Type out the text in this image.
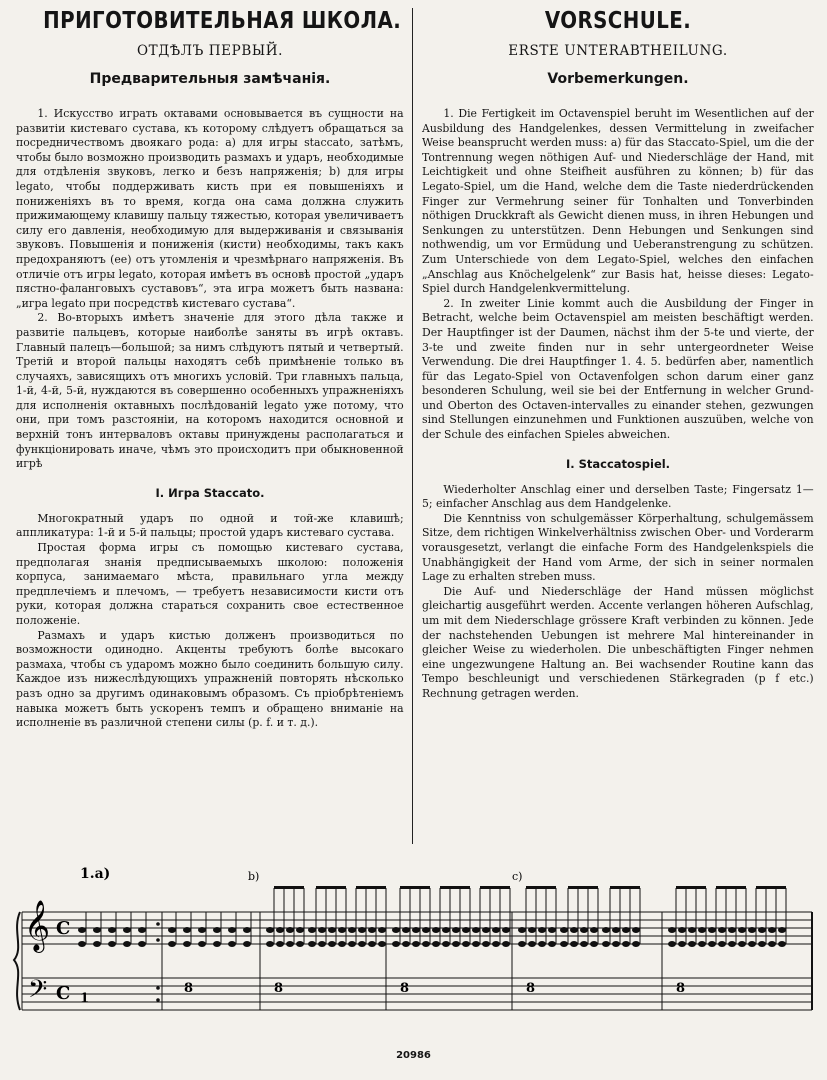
ПРИГОТОВИТЕЛЬНАЯ ШКОЛА.
ОТДѢЛЪ ПЕРВЫЙ.
Предварительныя замѣчанія.

1. Искусство играть октавами основывается въ сущности на развитіи кистеваго сустава, къ которому слѣдуетъ обращаться за посредничествомъ двоякаго рода: а) для игры staccato, затѣмъ, чтобы было возможно производить размахъ и ударъ, необходимые для отдѣленія звуковъ, легко и безъ напряженія; b) для игры legato, чтобы поддерживать кисть при ея повышеніяхъ и пониженіяхъ въ то время, когда она сама должна служить прижимающему клавишу пальцу тяжестью, которая увеличиваетъ силу его давленія, необходимую для выдерживанія и связыванія звуковъ. Повышенія и пониженія (кисти) необходимы, такъ какъ предохраняютъ (ее) отъ утомленія и чрезмѣрнаго напряженія. Въ отличіе отъ игры legato, которая имѣетъ въ основѣ простой „ударъ пястно-фаланговыхъ суставовъ“, эта игра можетъ быть названа: „игра legato при посредствѣ кистеваго сустава“.

2. Во-вторыхъ имѣетъ значеніе для этого дѣла также и развитіе пальцевъ, которые наиболѣе заняты въ игрѣ октавъ. Главный палецъ—большой; за нимъ слѣдуютъ пятый и четвертый. Третій и второй пальцы находятъ себѣ примѣненіе только въ случаяхъ, зависящихъ отъ многихъ условій. Три главныхъ пальца, 1-й, 4-й, 5-й, нуждаются въ совершенно особенныхъ упражненіяхъ для исполненія октавныхъ послѣдованій legato уже потому, что они, при томъ разстояніи, на которомъ находится основной и верхній тонъ интерваловъ октавы принуждены располагаться и функціонировать иначе, чѣмъ это происходитъ при обыкновенной игрѣ

I. Игра Staccato.

Многократный ударъ по одной и той-же клавишѣ; аппликатура: 1-й и 5-й пальцы; простой ударъ кистеваго сустава.

Простая форма игры съ помощью кистеваго сустава, предполагая знанія предписываемыхъ школою: положенія корпуса, занимаемаго мѣста, правильнаго угла между предплечіемъ и плечомъ, — требуетъ независимости кисти отъ руки, которая должна стараться сохранить свое естественное положеніе.

Размахъ и ударъ кистью долженъ производиться по возможности одинодно. Акценты требуютъ болѣе высокаго размаха, чтобы съ ударомъ можно было соединить большую силу. Каждое изъ нижеслѣдующихъ упражненій повторять нѣсколько разъ одно за другимъ одинаковымъ образомъ. Съ пріобрѣтеніемъ навыка можетъ быть ускоренъ темпъ и обращено вниманіе на исполненіе въ различной степени силы (p. f. и т. д.).

VORSCHULE.
ERSTE UNTERABTHEILUNG.
Vorbemerkungen.

1. Die Fertigkeit im Octavenspiel beruht im Wesentlichen auf der Ausbildung des Handgelenkes, dessen Vermittelung in zweifacher Weise beansprucht werden muss: a) für das Staccato-Spiel, um die der Tontrennung wegen nöthigen Auf- und Niederschläge der Hand, mit Leichtigkeit und ohne Steifheit ausführen zu können; b) für das Legato-Spiel, um die Hand, welche dem die Taste niederdrückenden Finger zur Vermehrung seiner für Tonhalten und Tonverbinden nöthigen Druckkraft als Gewicht dienen muss, in ihren Hebungen und Senkungen zu unterstützen. Denn Hebungen und Senkungen sind nothwendig, um vor Ermüdung und Ueberanstrengung zu schützen. Zum Unterschiede von dem Legato-Spiel, welches den einfachen „Anschlag aus Knöchelgelenk“ zur Basis hat, heisse dieses: Legato-Spiel durch Handgelenkvermittelung.

2. In zweiter Linie kommt auch die Ausbildung der Finger in Betracht, welche beim Octavenspiel am meisten beschäftigt werden. Der Hauptfinger ist der Daumen, nächst ihm der 5-te und vierte, der 3-te und zweite finden nur in sehr untergeordneter Weise Verwendung. Die drei Hauptfinger 1. 4. 5. bedürfen aber, namentlich für das Legato-Spiel von Octavenfolgen schon darum einer ganz besonderen Schulung, weil sie bei der Entfernung in welcher Grund- und Oberton des Octaven-intervalles zu einander stehen, gezwungen sind Stellungen einzunehmen und Funktionen auszuüben, welche von der Schule des einfachen Spieles abweichen.

I. Staccatospiel.

Wiederholter Anschlag einer und derselben Taste; Fingersatz 1—5; einfacher Anschlag aus dem Handgelenke.

Die Kenntniss von schulgemässer Körperhaltung, schulgemässem Sitze, dem richtigen Winkelverhältniss zwischen Ober- und Vorderarm vorausgesetzt, verlangt die einfache Form des Handgelenkspiels die Unabhängigkeit der Hand vom Arme, der sich in seiner normalen Lage zu erhalten streben muss.

Die Auf- und Niederschläge der Hand müssen möglichst gleichartig ausgeführt werden. Accente verlangen höheren Aufschlag, um mit dem Niederschlage grössere Kraft verbinden zu können. Jede der nachstehenden Uebungen ist mehrere Mal hintereinander in gleicher Weise zu wiederholen. Die unbeschäftigten Finger nehmen eine ungezwungene Haltung an. Bei wachsender Routine kann das Tempo beschleunigt und verschiedenen Stärkegraden (p f etc.) Rechnung getragen werden.

𝄞
𝄢
C
C
1.a)	b)	c)
1
8	8	8	8	8
20986
